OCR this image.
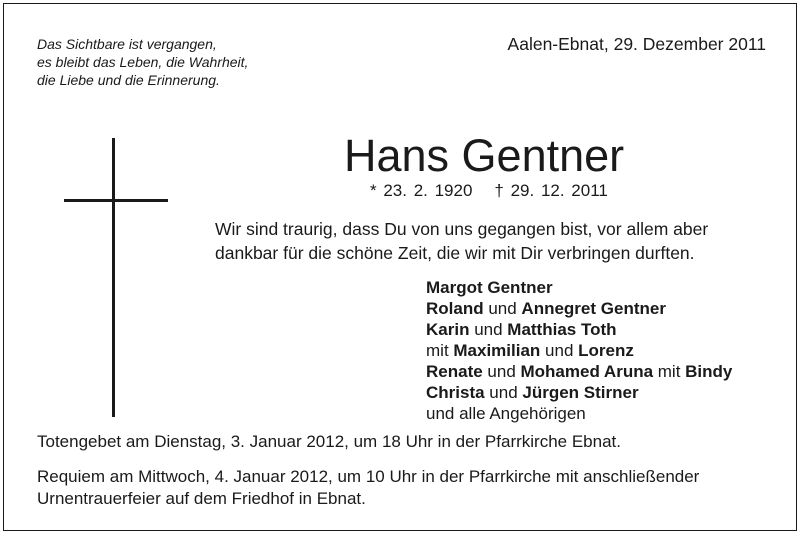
Das Sichtbare ist vergangen,
es bleibt das Leben, die Wahrheit,
die Liebe und die Erinnerung.
Aalen-Ebnat, 29. Dezember 2011
Hans Gentner
* 23. 2. 1920 † 29. 12. 2011
Wir sind traurig, dass Du von uns gegangen bist, vor allem aber
dankbar für die schöne Zeit, die wir mit Dir verbringen durften.
Margot Gentner
Roland und Annegret Gentner
Karin und Matthias Toth
mit Maximilian und Lorenz
Renate und Mohamed Aruna mit Bindy
Christa und Jürgen Stirner
und alle Angehörigen
Totengebet am Dienstag, 3. Januar 2012, um 18 Uhr in der Pfarrkirche Ebnat.
Requiem am Mittwoch, 4. Januar 2012, um 10 Uhr in der Pfarrkirche mit anschließender
Urnentrauerfeier auf dem Friedhof in Ebnat.
